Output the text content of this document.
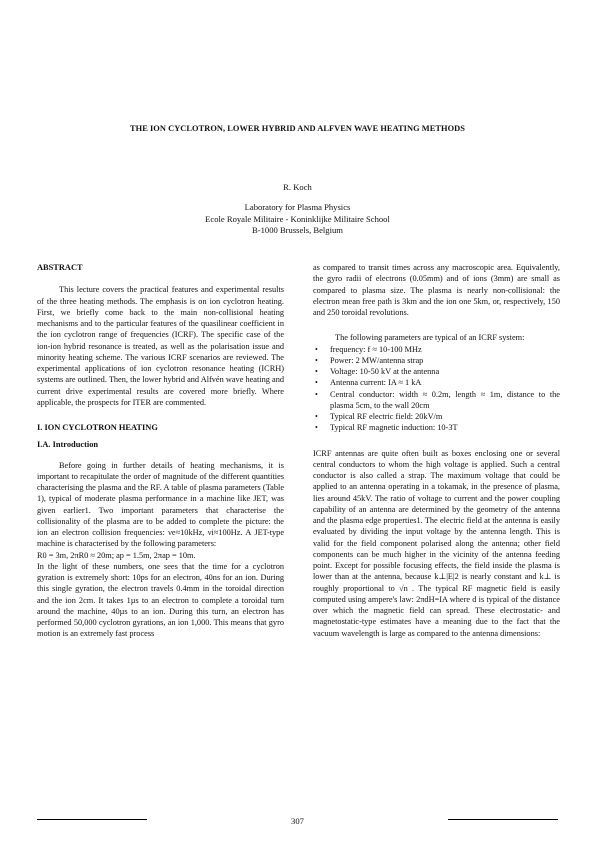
THE ION CYCLOTRON, LOWER HYBRID AND ALFVEN WAVE HEATING METHODS
R. Koch
Laboratory for Plasma Physics
Ecole Royale Militaire - Koninklijke Militaire School
B-1000 Brussels, Belgium
ABSTRACT

This lecture covers the practical features and experimental results of the three heating methods. The emphasis is on ion cyclotron heating. First, we briefly come back to the main non-collisional heating mechanisms and to the particular features of the quasilinear coefficient in the ion cyclotron range of frequencies (ICRF). The specific case of the ion-ion hybrid resonance is treated, as well as the polarisation issue and minority heating scheme. The various ICRF scenarios are reviewed. The experimental applications of ion cyclotron resonance heating (ICRH) systems are outlined. Then, the lower hybrid and Alfvén wave heating and current drive experimental results are covered more briefly. Where applicable, the prospects for ITER are commented.

I. ION CYCLOTRON HEATING
I.A. Introduction

Before going in further details of heating mechanisms, it is important to recapitulate the order of magnitude of the different quantities characterising the plasma and the RF. A table of plasma parameters (Table 1), typical of moderate plasma performance in a machine like JET, was given earlier1. Two important parameters that characterise the collisionality of the plasma are to be added to complete the picture: the ion an electron collision frequencies: νe≈10kHz, νi≈100Hz. A JET-type machine is characterised by the following parameters:

R0 = 3m, 2πR0 ≈ 20m; ap = 1.5m, 2πap = 10m.

In the light of these numbers, one sees that the time for a cyclotron gyration is extremely short: 10ps for an electron, 40ns for an ion. During this single gyration, the electron travels 0.4mm in the toroidal direction and the ion 2cm. It takes 1µs to an electron to complete a toroidal turn around the machine, 40µs to an ion. During this turn, an electron has performed 50,000 cyclotron gyrations, an ion 1,000. This means that gyro motion is an extremely fast process

as compared to transit times across any macroscopic area. Equivalently, the gyro radii of electrons (0.05mm) and of ions (3mm) are small as compared to plasma size. The plasma is nearly non-collisional: the electron mean free path is 3km and the ion one 5km, or, respectively, 150 and 250 toroidal revolutions.

The following parameters are typical of an ICRF system:

• frequency: f ≈ 10-100 MHz
• Power: 2 MW/antenna strap
• Voltage: 10-50 kV at the antenna
• Antenna current: IA ≈ 1 kA
• Central conductor: width ≈ 0.2m, length ≈ 1m, distance to the plasma 5cm, to the wall 20cm
• Typical RF electric field: 20kV/m
• Typical RF magnetic induction: 10-3T

ICRF antennas are quite often built as boxes enclosing one or several central conductors to whom the high voltage is applied. Such a central conductor is also called a strap. The maximum voltage that could be applied to an antenna operating in a tokamak, in the presence of plasma, lies around 45kV. The ratio of voltage to current and the power coupling capability of an antenna are determined by the geometry of the antenna and the plasma edge properties1. The electric field at the antenna is easily evaluated by dividing the input voltage by the antenna length. This is valid for the field component polarised along the antenna; other field components can be much higher in the vicinity of the antenna feeding point. Except for possible focusing effects, the field inside the plasma is lower than at the antenna, because k⊥|E|2 is nearly constant and k⊥ is roughly proportional to √n . The typical RF magnetic field is easily computed using ampere's law: 2πdH=IA where d is typical of the distance over which the magnetic field can spread. These electrostatic- and magnetostatic-type estimates have a meaning due to the fact that the vacuum wavelength is large as compared to the antenna dimensions:

307
